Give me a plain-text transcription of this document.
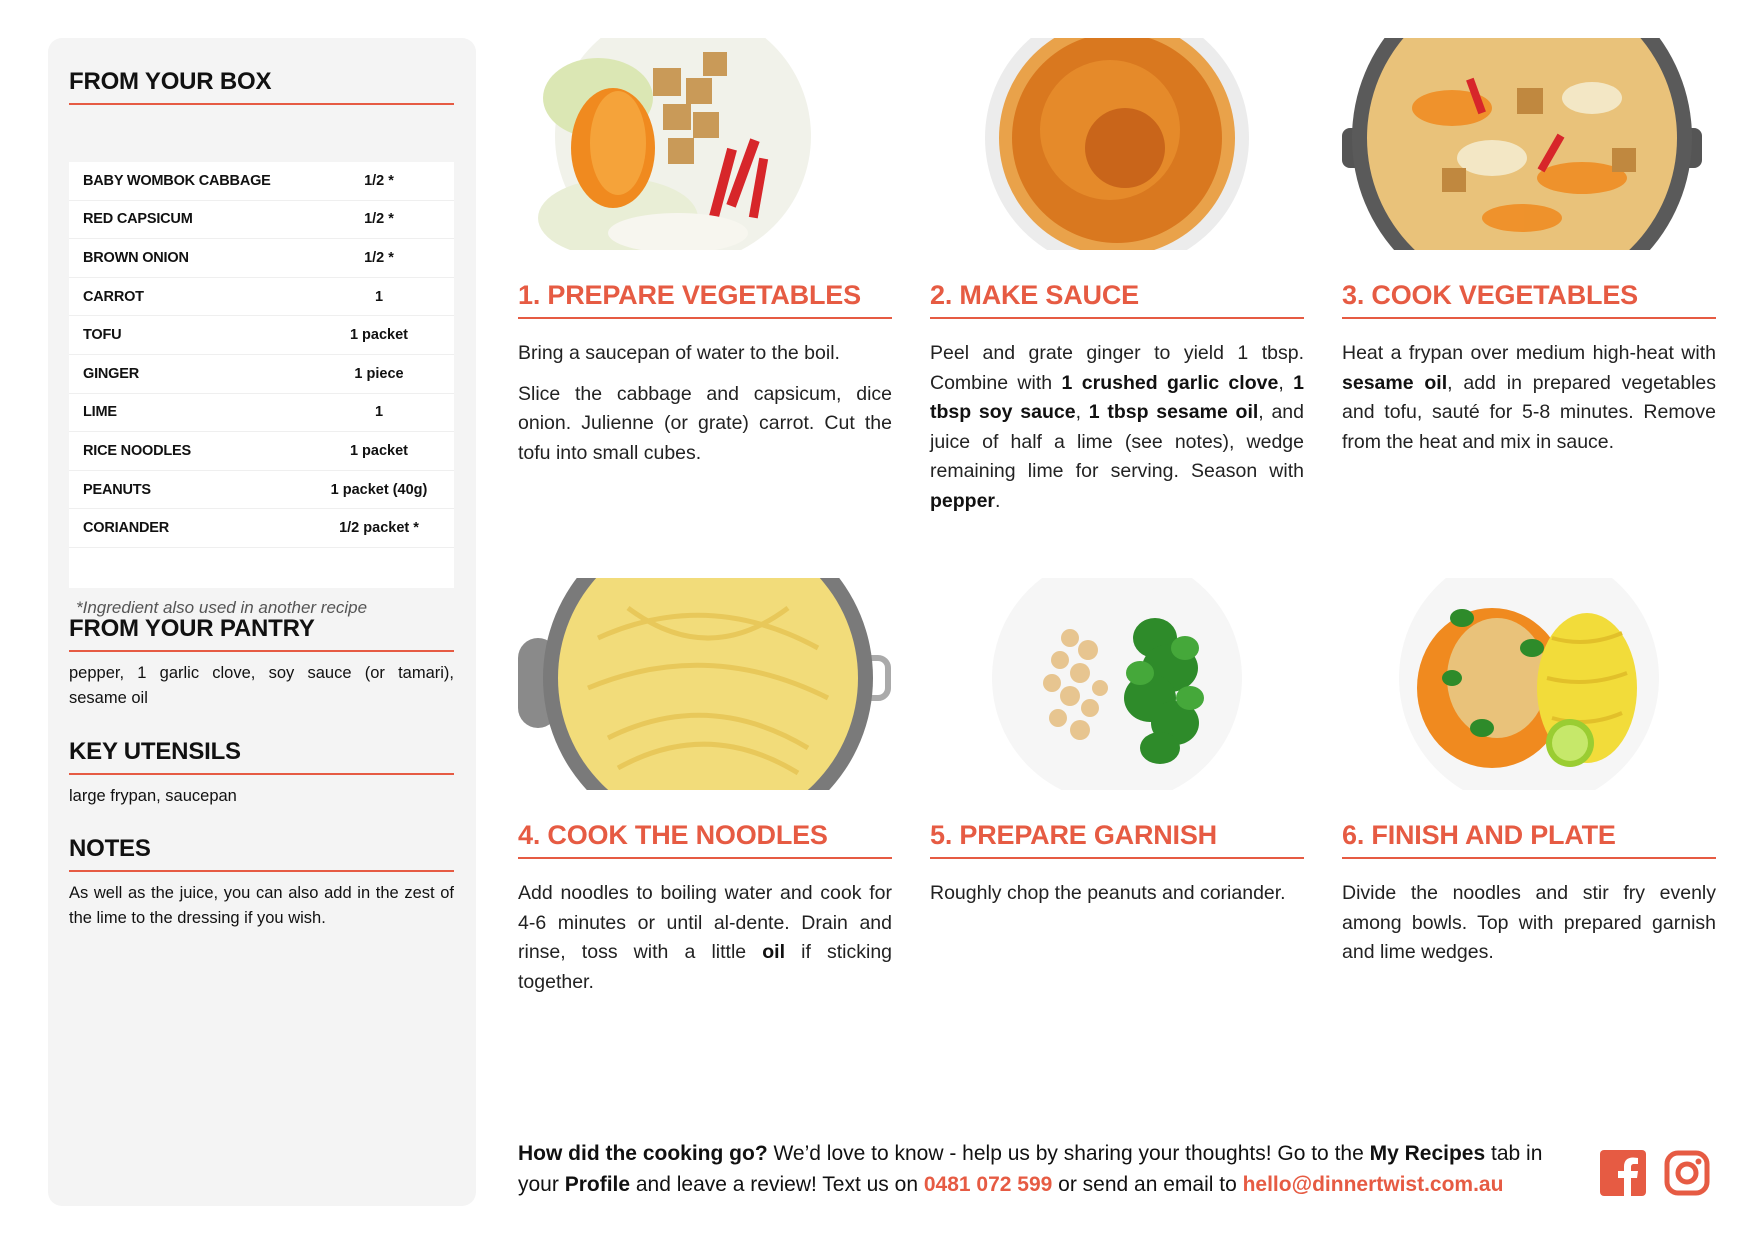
FROM YOUR BOX
BABY WOMBOK CABBAGE	1/2 *
RED CAPSICUM	1/2 *
BROWN ONION	1/2 *
CARROT	1
TOFU	1 packet
GINGER	1 piece
LIME	1
RICE NOODLES	1 packet
PEANUTS	1 packet (40g)
CORIANDER	1/2 packet *
*Ingredient also used in another recipe
FROM YOUR PANTRY
pepper, 1 garlic clove, soy sauce (or tamari), sesame oil
KEY UTENSILS
large frypan, saucepan
NOTES
As well as the juice, you can also add in the zest of the lime to the dressing if you wish.
1. PREPARE VEGETABLES

Bring a saucepan of water to the boil.

Slice the cabbage and capsicum, dice onion. Julienne (or grate) carrot. Cut the tofu into small cubes.

2. MAKE SAUCE

Peel and grate ginger to yield 1 tbsp. Combine with 1 crushed garlic clove, 1 tbsp soy sauce, 1 tbsp sesame oil, and juice of half a lime (see notes), wedge remaining lime for serving. Season with pepper.

3. COOK VEGETABLES

Heat a frypan over medium high-heat with sesame oil, add in prepared vegetables and tofu, sauté for 5-8 minutes. Remove from the heat and mix in sauce.

4. COOK THE NOODLES

Add noodles to boiling water and cook for 4-6 minutes or until al-dente. Drain and rinse, toss with a little oil if sticking together.

5. PREPARE GARNISH

Roughly chop the peanuts and coriander.

6. FINISH AND PLATE

Divide the noodles and stir fry evenly among bowls. Top with prepared garnish and lime wedges.

How did the cooking go? We’d love to know - help us by sharing your thoughts! Go to the My Recipes tab in your Profile and leave a review! Text us on 0481 072 599 or send an email to hello@dinnertwist.com.au
